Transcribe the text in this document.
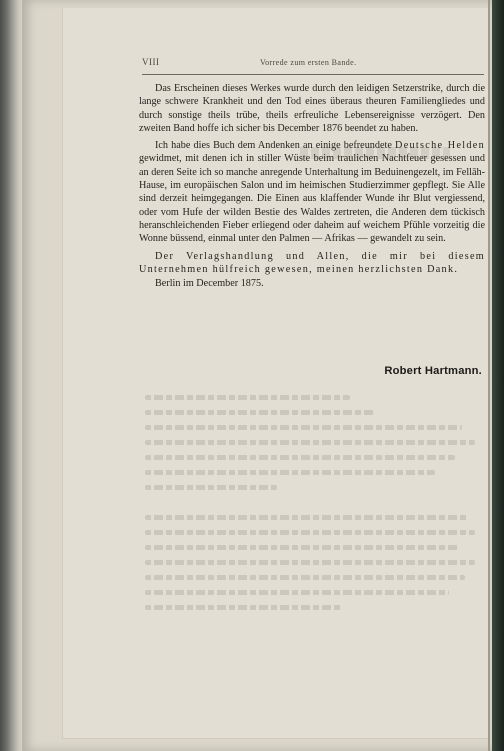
VIII	Vorrede zum ersten Bande.

Das Erscheinen dieses Werkes wurde durch den leidigen Setzerstrike, durch die lange schwere Krankheit und den Tod eines überaus theuren Familiengliedes und durch sonstige theils trübe, theils erfreuliche Lebensereignisse verzögert. Den zweiten Band hoffe ich sicher bis December 1876 beendet zu haben.

Ich habe dies Buch dem Andenken an einige befreundete Deutsche Helden gewidmet, mit denen ich in stiller Wüste beim traulichen Nachtfeuer gesessen und an deren Seite ich so manche anregende Unterhaltung im Beduinengezelt, im Fellāh-Hause, im europäischen Salon und im heimischen Studierzimmer gepflegt. Sie Alle sind derzeit heimgegangen. Die Einen aus klaffender Wunde ihr Blut vergiessend, oder vom Hufe der wilden Bestie des Waldes zertreten, die Anderen dem tückisch heranschleichenden Fieber erliegend oder daheim auf weichem Pfühle vorzeitig die Wonne büssend, einmal unter den Palmen — Afrikas — gewandelt zu sein.

Der Verlagshandlung und Allen, die mir bei diesem Unternehmen hülfreich gewesen, meinen herzlichsten Dank.

Berlin im December 1875.

Robert Hartmann.
